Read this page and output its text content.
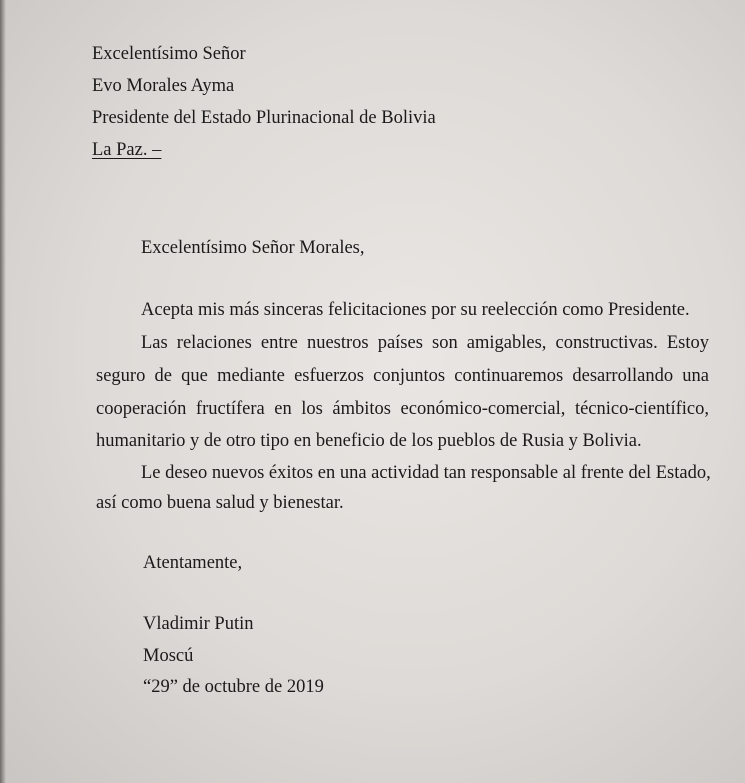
Excelentísimo Señor
Evo Morales Ayma
Presidente del Estado Plurinacional de Bolivia
La Paz. –
Excelentísimo Señor Morales,
Acepta mis más sinceras felicitaciones por su reelección como Presidente.
Las relaciones entre nuestros países son amigables, constructivas. Estoy
seguro de que mediante esfuerzos conjuntos continuaremos desarrollando una
cooperación fructífera en los ámbitos económico-comercial, técnico-científico,
humanitario y de otro tipo en beneficio de los pueblos de Rusia y Bolivia.
Le deseo nuevos éxitos en una actividad tan responsable al frente del Estado,
así como buena salud y bienestar.
Atentamente,
Vladimir Putin
Moscú
“29” de octubre de 2019
